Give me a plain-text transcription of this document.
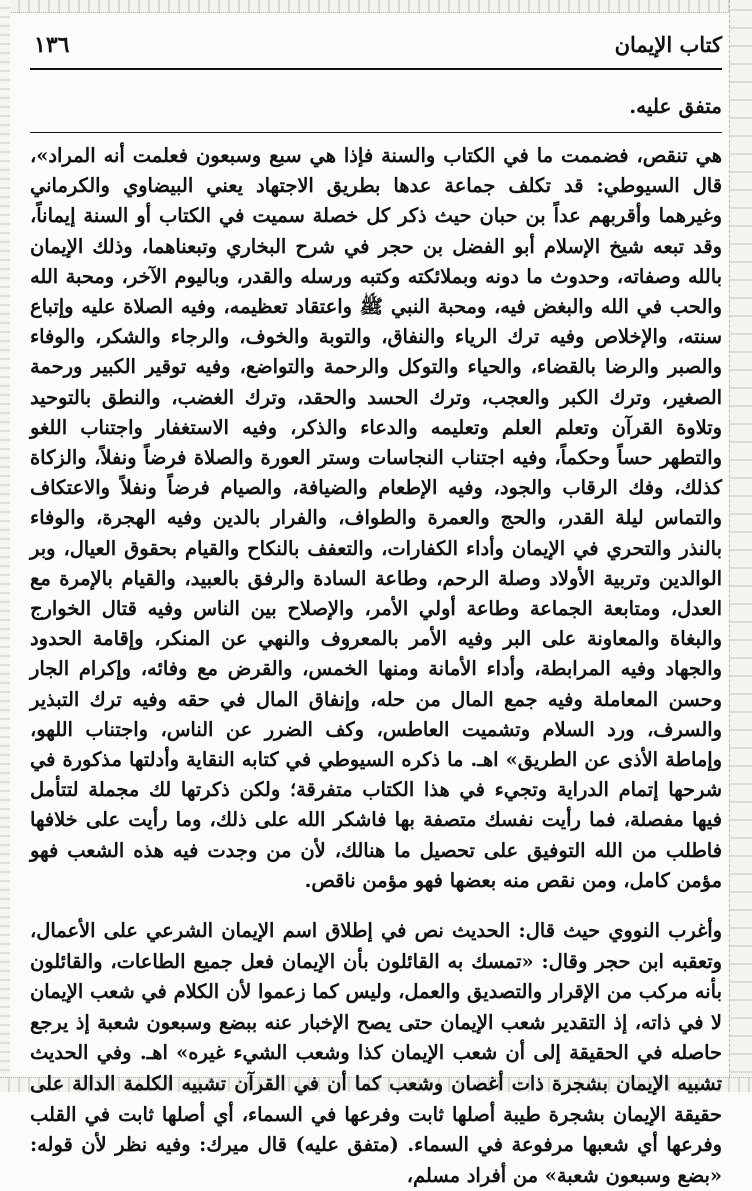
كتاب الإيمان
١٣٦
متفق عليه.

هي تنقص، فضممت ما في الكتاب والسنة فإذا هي سبع وسبعون فعلمت أنه المراد»، قال السيوطي: قد تكلف جماعة عدها بطريق الاجتهاد يعني البيضاوي والكرماني وغيرهما وأقربهم عداً بن حبان حيث ذكر كل خصلة سميت في الكتاب أو السنة إيماناً، وقد تبعه شيخ الإسلام أبو الفضل بن حجر في شرح البخاري وتبعناهما، وذلك الإيمان بالله وصفاته، وحدوث ما دونه وبملائكته وكتبه ورسله والقدر، وباليوم الآخر، ومحبة الله والحب في الله والبغض فيه، ومحبة النبي ﷺ واعتقاد تعظيمه، وفيه الصلاة عليه وإتباع سنته، والإخلاص وفيه ترك الرياء والنفاق، والتوبة والخوف، والرجاء والشكر، والوفاء والصبر والرضا بالقضاء، والحياء والتوكل والرحمة والتواضع، وفيه توقير الكبير ورحمة الصغير، وترك الكبر والعجب، وترك الحسد والحقد، وترك الغضب، والنطق بالتوحيد وتلاوة القرآن وتعلم العلم وتعليمه والدعاء والذكر، وفيه الاستغفار واجتناب اللغو والتطهر حساً وحكماً، وفيه اجتناب النجاسات وستر العورة والصلاة فرضاً ونفلاً، والزكاة كذلك، وفك الرقاب والجود، وفيه الإطعام والضيافة، والصيام فرضاً ونفلاً والاعتكاف والتماس ليلة القدر، والحج والعمرة والطواف، والفرار بالدين وفيه الهجرة، والوفاء بالنذر والتحري في الإيمان وأداء الكفارات، والتعفف بالنكاح والقيام بحقوق العيال، وبر الوالدين وتربية الأولاد وصلة الرحم، وطاعة السادة والرفق بالعبيد، والقيام بالإمرة مع العدل، ومتابعة الجماعة وطاعة أولي الأمر، والإصلاح بين الناس وفيه قتال الخوارج والبغاة والمعاونة على البر وفيه الأمر بالمعروف والنهي عن المنكر، وإقامة الحدود والجهاد وفيه المرابطة، وأداء الأمانة ومنها الخمس، والقرض مع وفائه، وإكرام الجار وحسن المعاملة وفيه جمع المال من حله، وإنفاق المال في حقه وفيه ترك التبذير والسرف، ورد السلام وتشميت العاطس، وكف الضرر عن الناس، واجتناب اللهو، وإماطة الأذى عن الطريق» اهـ. ما ذكره السيوطي في كتابه النقاية وأدلتها مذكورة في شرحها إتمام الدراية وتجيء في هذا الكتاب متفرقة؛ ولكن ذكرتها لك مجملة لتتأمل فيها مفصلة، فما رأيت نفسك متصفة بها فاشكر الله على ذلك، وما رأيت على خلافها فاطلب من الله التوفيق على تحصيل ما هنالك، لأن من وجدت فيه هذه الشعب فهو مؤمن كامل، ومن نقص منه بعضها فهو مؤمن ناقص.

وأغرب النووي حيث قال: الحديث نص في إطلاق اسم الإيمان الشرعي على الأعمال، وتعقبه ابن حجر وقال: «تمسك به القائلون بأن الإيمان فعل جميع الطاعات، والقائلون بأنه مركب من الإقرار والتصديق والعمل، وليس كما زعموا لأن الكلام في شعب الإيمان لا في ذاته، إذ التقدير شعب الإيمان حتى يصح الإخبار عنه ببضع وسبعون شعبة إذ يرجع حاصله في الحقيقة إلى أن شعب الإيمان كذا وشعب الشيء غيره» اهـ. وفي الحديث تشبيه الإيمان بشجرة ذات أغصان وشعب كما أن في القرآن تشبيه الكلمة الدالة على حقيقة الإيمان بشجرة طيبة أصلها ثابت وفرعها في السماء، أي أصلها ثابت في القلب وفرعها أي شعبها مرفوعة في السماء. (متفق عليه) قال ميرك: وفيه نظر لأن قوله: «بضع وسبعون شعبة» من أفراد مسلم،
